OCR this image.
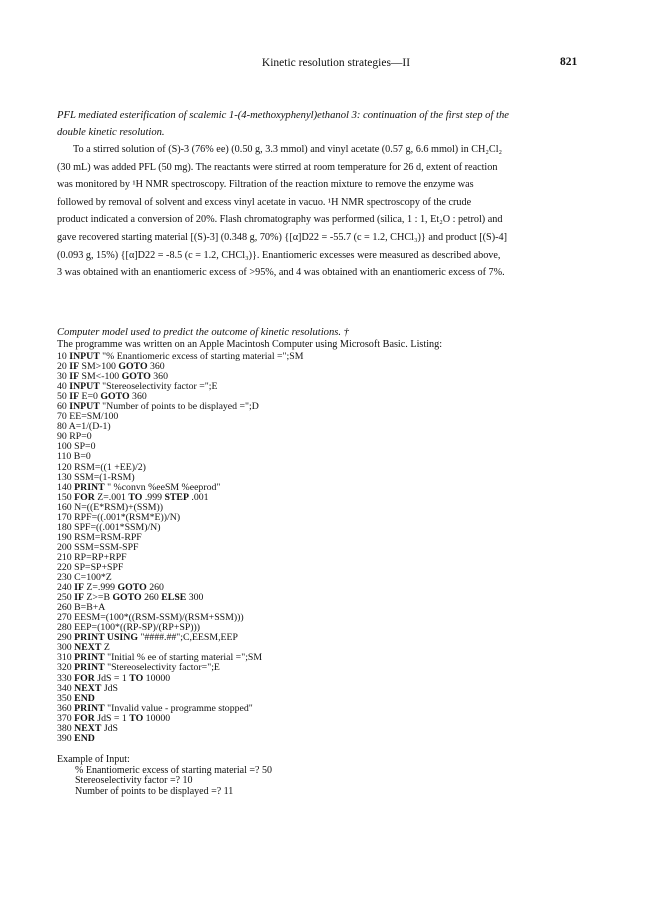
Kinetic resolution strategies—II	821
PFL mediated esterification of scalemic 1-(4-methoxyphenyl)ethanol 3: continuation of the first step of the
double kinetic resolution.
To a stirred solution of (S)-3 (76% ee) (0.50 g, 3.3 mmol) and vinyl acetate (0.57 g, 6.6 mmol) in CH₂Cl₂
(30 mL) was added PFL (50 mg). The reactants were stirred at room temperature for 26 d, extent of reaction
was monitored by ¹H NMR spectroscopy. Filtration of the reaction mixture to remove the enzyme was
followed by removal of solvent and excess vinyl acetate in vacuo. ¹H NMR spectroscopy of the crude
product indicated a conversion of 20%. Flash chromatography was performed (silica, 1 : 1, Et₂O : petrol) and
gave recovered starting material [(S)-3] (0.348 g, 70%) {[α]D22 = -55.7 (c = 1.2, CHCl₃)} and product [(S)-4]
(0.093 g, 15%) {[α]D22 = -8.5 (c = 1.2, CHCl₃)}. Enantiomeric excesses were measured as described above,
3 was obtained with an enantiomeric excess of >95%, and 4 was obtained with an enantiomeric excess of 7%.
Computer model used to predict the outcome of kinetic resolutions. †
The programme was written on an Apple Macintosh Computer using Microsoft Basic. Listing:
10 INPUT "% Enantiomeric excess of starting material =";SM
20 IF SM>100 GOTO 360
30 IF SM<-100 GOTO 360
40 INPUT "Stereoselectivity factor =";E
50 IF E=0 GOTO 360
60 INPUT "Number of points to be displayed =";D
70 EE=SM/100
80 A=1/(D-1)
90 RP=0
100 SP=0
110 B=0
120 RSM=((1 +EE)/2)
130 SSM=(1-RSM)
140 PRINT " %convn %eeSM %eeprod"
150 FOR Z=.001 TO .999 STEP .001
160 N=((E*RSM)+(SSM))
170 RPF=((.001*(RSM*E))/N)
180 SPF=((.001*SSM)/N)
190 RSM=RSM-RPF
200 SSM=SSM-SPF
210 RP=RP+RPF
220 SP=SP+SPF
230 C=100*Z
240 IF Z=.999 GOTO 260
250 IF Z>=B GOTO 260 ELSE 300
260 B=B+A
270 EESM=(100*((RSM-SSM)/(RSM+SSM)))
280 EEP=(100*((RP-SP)/(RP+SP)))
290 PRINT USING "####.##";C,EESM,EEP
300 NEXT Z
310 PRINT "Initial % ee of starting material =";SM
320 PRINT "Stereoselectivity factor=";E
330 FOR JdS = 1 TO 10000
340 NEXT JdS
350 END
360 PRINT "Invalid value - programme stopped"
370 FOR JdS = 1 TO 10000
380 NEXT JdS
390 END
Example of Input:
% Enantiomeric excess of starting material =? 50
Stereoselectivity factor =? 10
Number of points to be displayed =? 11
